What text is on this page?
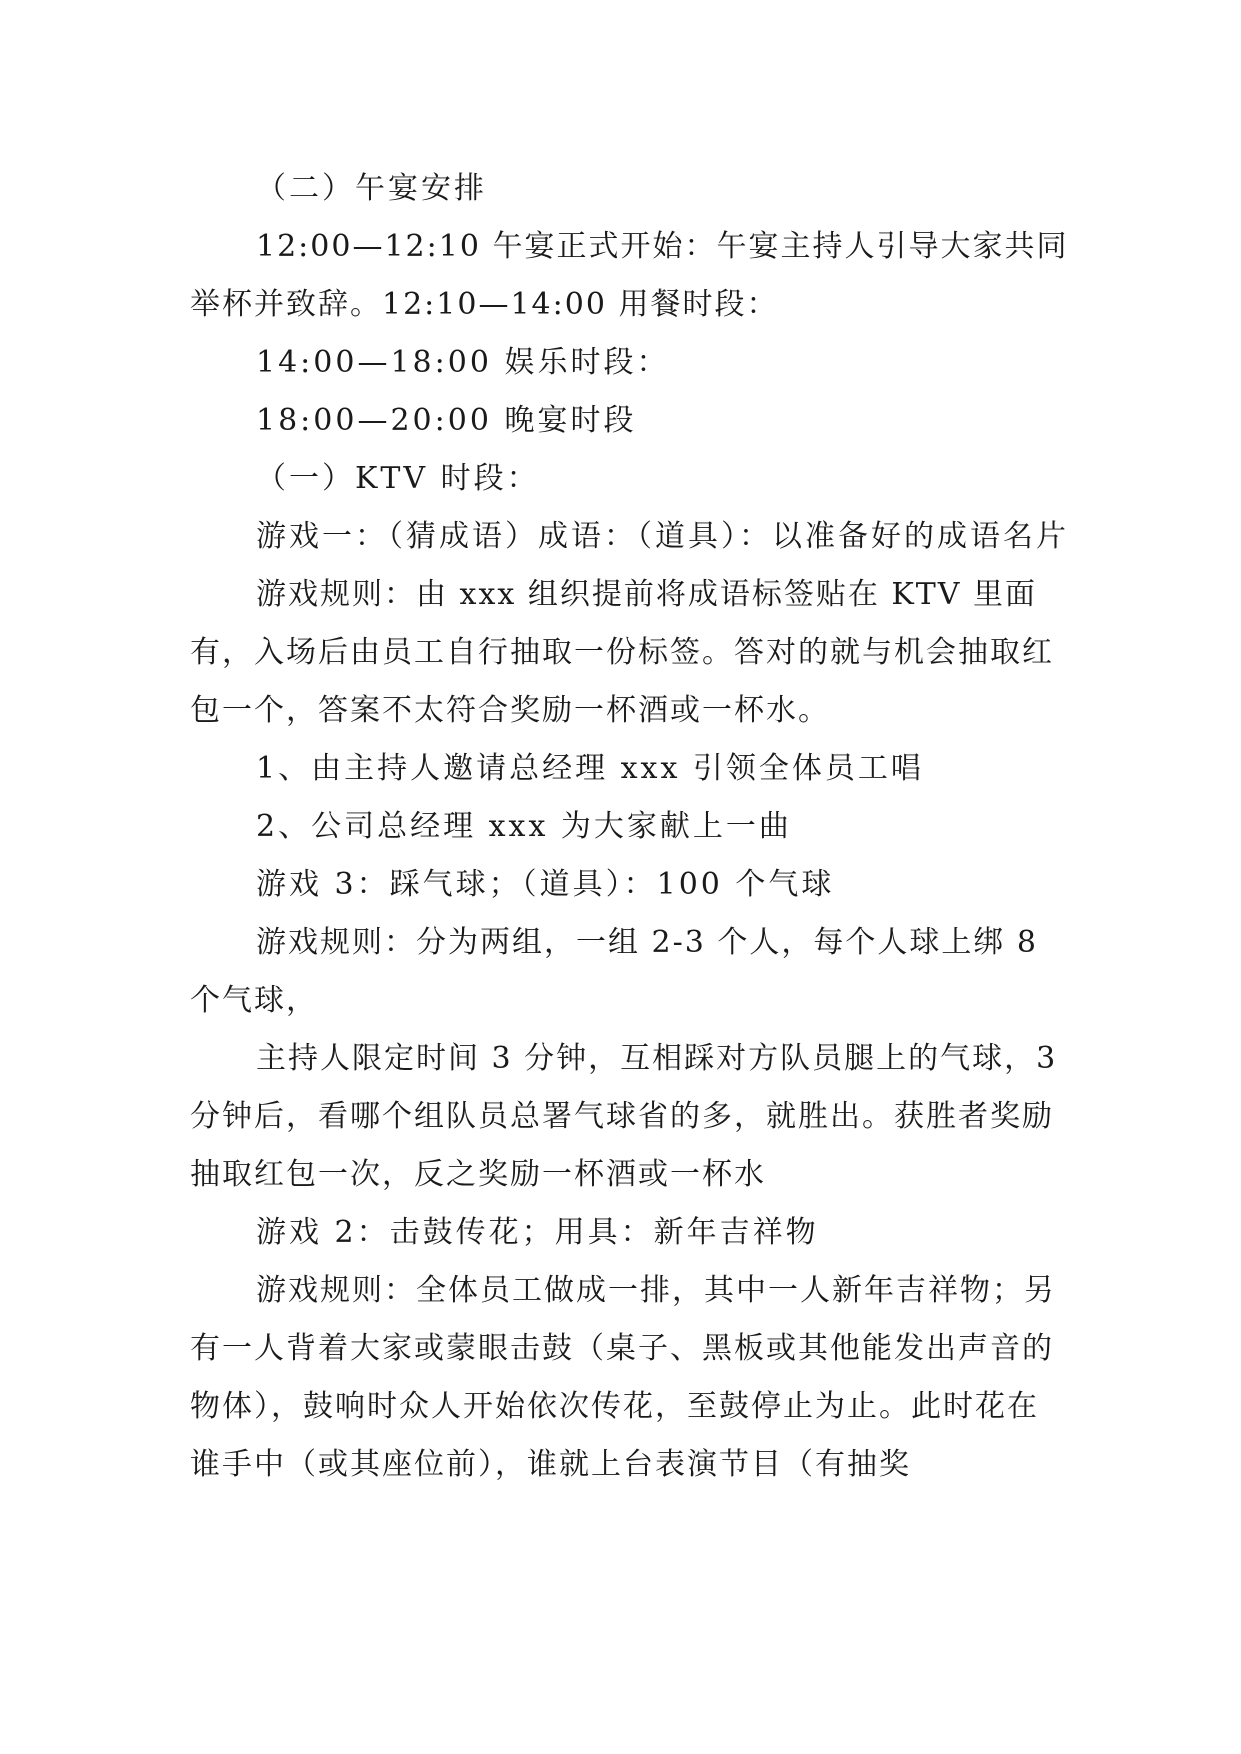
（二）午宴安排

12:00—12:10 午宴正式开始：午宴主持人引导大家共同举杯并致辞。12:10—14:00 用餐时段：

14:00—18:00 娱乐时段：

18:00—20:00 晚宴时段

（一）KTV 时段：

游戏一：（猜成语）成语：（道具）：以准备好的成语名片

游戏规则：由 xxx 组织提前将成语标签贴在 KTV 里面有，入场后由员工自行抽取一份标签。答对的就与机会抽取红包一个，答案不太符合奖励一杯酒或一杯水。

1、由主持人邀请总经理 xxx 引领全体员工唱

2、公司总经理 xxx 为大家献上一曲

游戏 3：踩气球；（道具）：100 个气球

游戏规则：分为两组，一组 2-3 个人，每个人球上绑 8 个气球，

主持人限定时间 3 分钟，互相踩对方队员腿上的气球，3 分钟后，看哪个组队员总署气球省的多，就胜出。获胜者奖励抽取红包一次，反之奖励一杯酒或一杯水

游戏 2：击鼓传花；用具：新年吉祥物

游戏规则：全体员工做成一排，其中一人新年吉祥物；另有一人背着大家或蒙眼击鼓（桌子、黑板或其他能发出声音的物体），鼓响时众人开始依次传花，至鼓停止为止。此时花在谁手中（或其座位前），谁就上台表演节目（有抽奖
